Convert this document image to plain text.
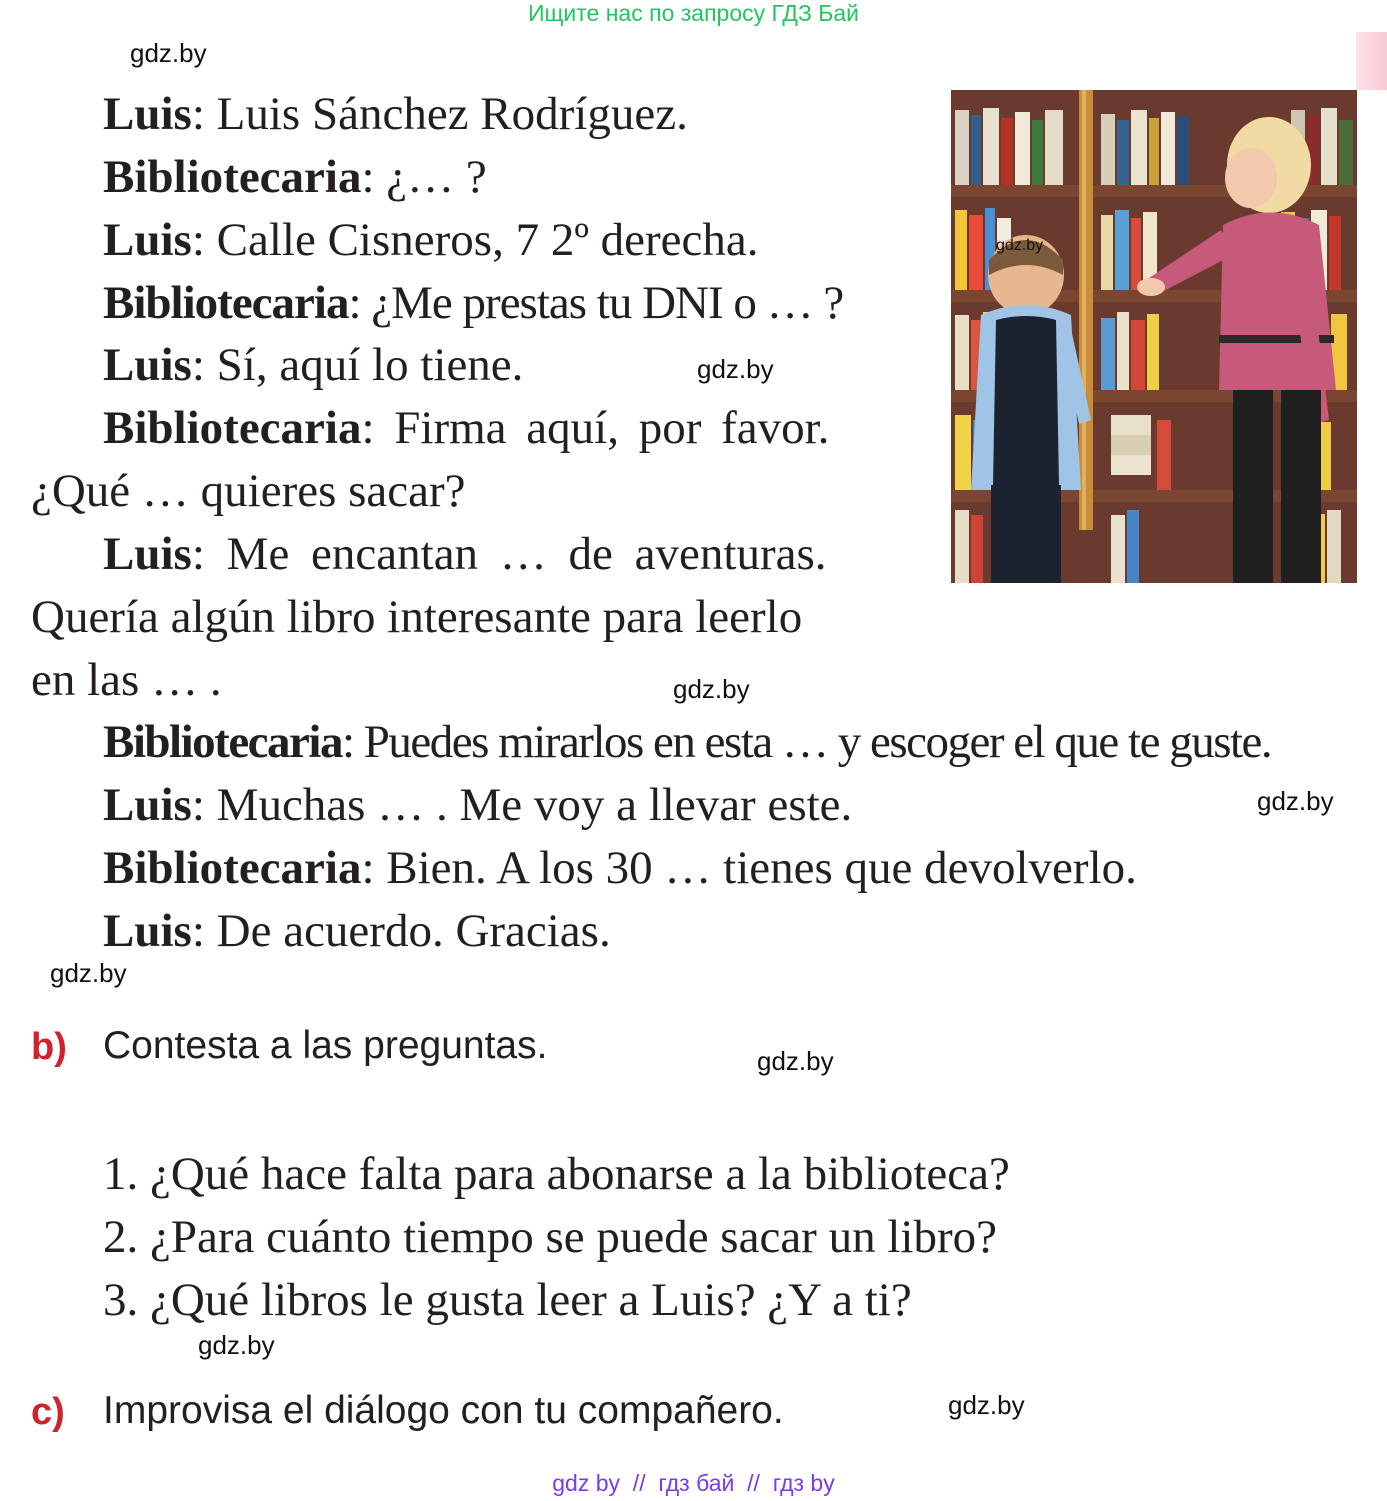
Ищите нас по запросу ГДЗ Бай
gdz.by
gdz.by
gdz.by
gdz.by
gdz.by
gdz.by
gdz.by
gdz.by
Luis: Luis Sánchez Rodríguez.
Bibliotecaria: ¿… ?
Luis: Calle Cisneros, 7 2º derecha.
Bibliotecaria: ¿Me prestas tu DNI o … ?
Luis: Sí, aquí lo tiene.
Bibliotecaria: Firma aquí, por favor.
¿Qué … quieres sacar?
Luis: Me encantan … de aventuras.
Quería algún libro interesante para leerlo
en las … .
Bibliotecaria: Puedes mirarlos en esta … y escoger el que te guste.
Luis: Muchas … . Me voy a llevar este.
Bibliotecaria: Bien. A los 30 … tienes que devolverlo.
Luis: De acuerdo. Gracias.
gdz.by
b) Contesta a las preguntas.
1. ¿Qué hace falta para abonarse a la biblioteca?
2. ¿Para cuánto tiempo se puede sacar un libro?
3. ¿Qué libros le gusta leer a Luis? ¿Y a ti?
c) Improvisa el diálogo con tu compañero.
gdz by  //  гдз бай  //  гдз by
